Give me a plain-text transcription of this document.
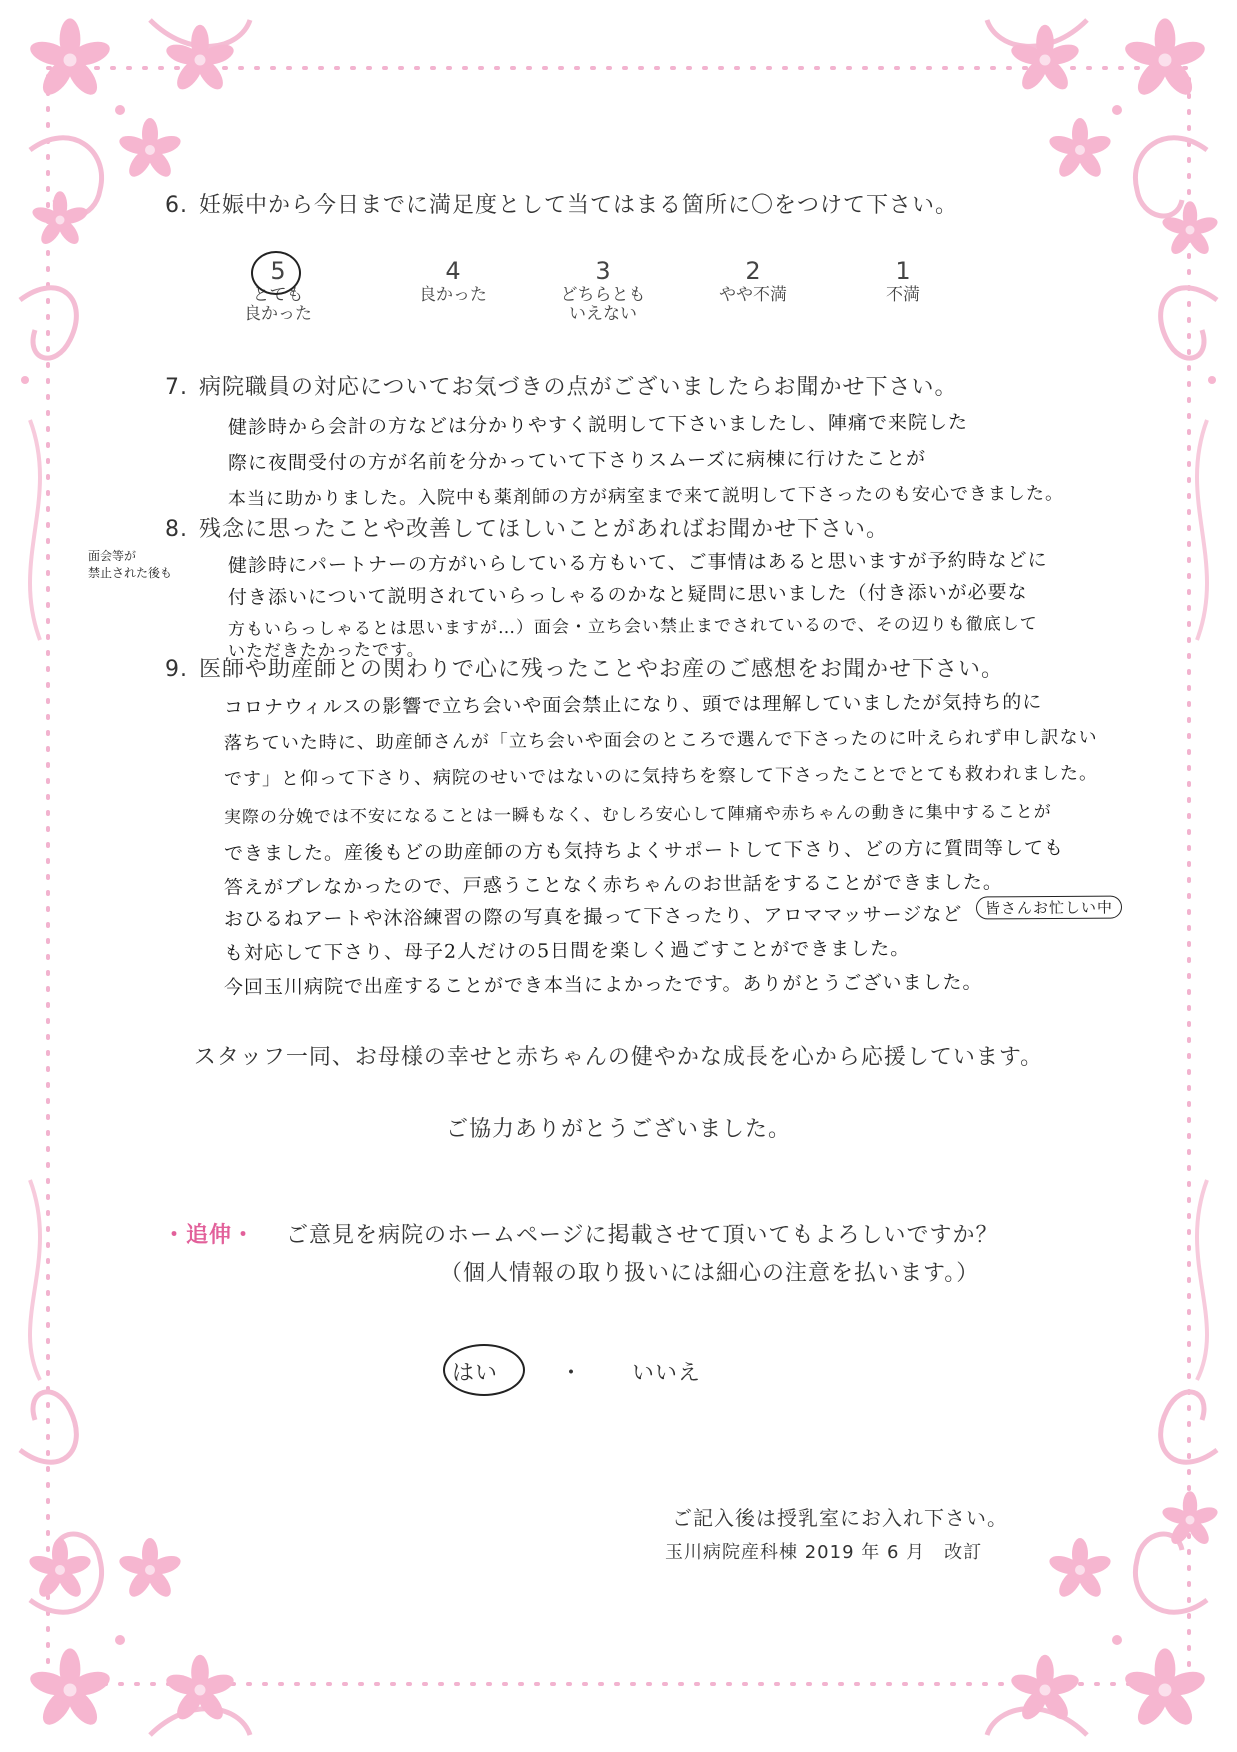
6. 妊娠中から今日までに満足度として当てはまる箇所に〇をつけて下さい。
5
とても
良かった
4
良かった
3
どちらとも
いえない
2
やや不満
1
不満
7. 病院職員の対応についてお気づきの点がございましたらお聞かせ下さい。
健診時から会計の方などは分かりやすく説明して下さいましたし、陣痛で来院した
際に夜間受付の方が名前を分かっていて下さりスムーズに病棟に行けたことが
本当に助かりました。入院中も薬剤師の方が病室まで来て説明して下さったのも安心できました。
8. 残念に思ったことや改善してほしいことがあればお聞かせ下さい。
面会等が
禁止された後も	健診時にパートナーの方がいらしている方もいて、ご事情はあると思いますが予約時などに
付き添いについて説明されていらっしゃるのかなと疑問に思いました（付き添いが必要な
方もいらっしゃるとは思いますが…）面会・立ち会い禁止までされているので、その辺りも徹底して
いただきたかったです。
9. 医師や助産師との関わりで心に残ったことやお産のご感想をお聞かせ下さい。
コロナウィルスの影響で立ち会いや面会禁止になり、頭では理解していましたが気持ち的に
落ちていた時に、助産師さんが「立ち会いや面会のところで選んで下さったのに叶えられず申し訳ない
です」と仰って下さり、病院のせいではないのに気持ちを察して下さったことでとても救われました。
実際の分娩では不安になることは一瞬もなく、むしろ安心して陣痛や赤ちゃんの動きに集中することが
できました。産後もどの助産師の方も気持ちよくサポートして下さり、どの方に質問等しても
答えがブレなかったので、戸惑うことなく赤ちゃんのお世話をすることができました。
おひるねアートや沐浴練習の際の写真を撮って下さったり、アロママッサージなど	皆さんお忙しい中
も対応して下さり、母子2人だけの5日間を楽しく過ごすことができました。
今回玉川病院で出産することができ本当によかったです。ありがとうございました。
スタッフ一同、お母様の幸せと赤ちゃんの健やかな成長を心から応援しています。
ご協力ありがとうございました。
・追伸・ ご意見を病院のホームページに掲載させて頂いてもよろしいですか？
（個人情報の取り扱いには細心の注意を払います。）
はい	・ いいえ
ご記入後は授乳室にお入れ下さい。
玉川病院産科棟 2019 年 6 月　改訂
